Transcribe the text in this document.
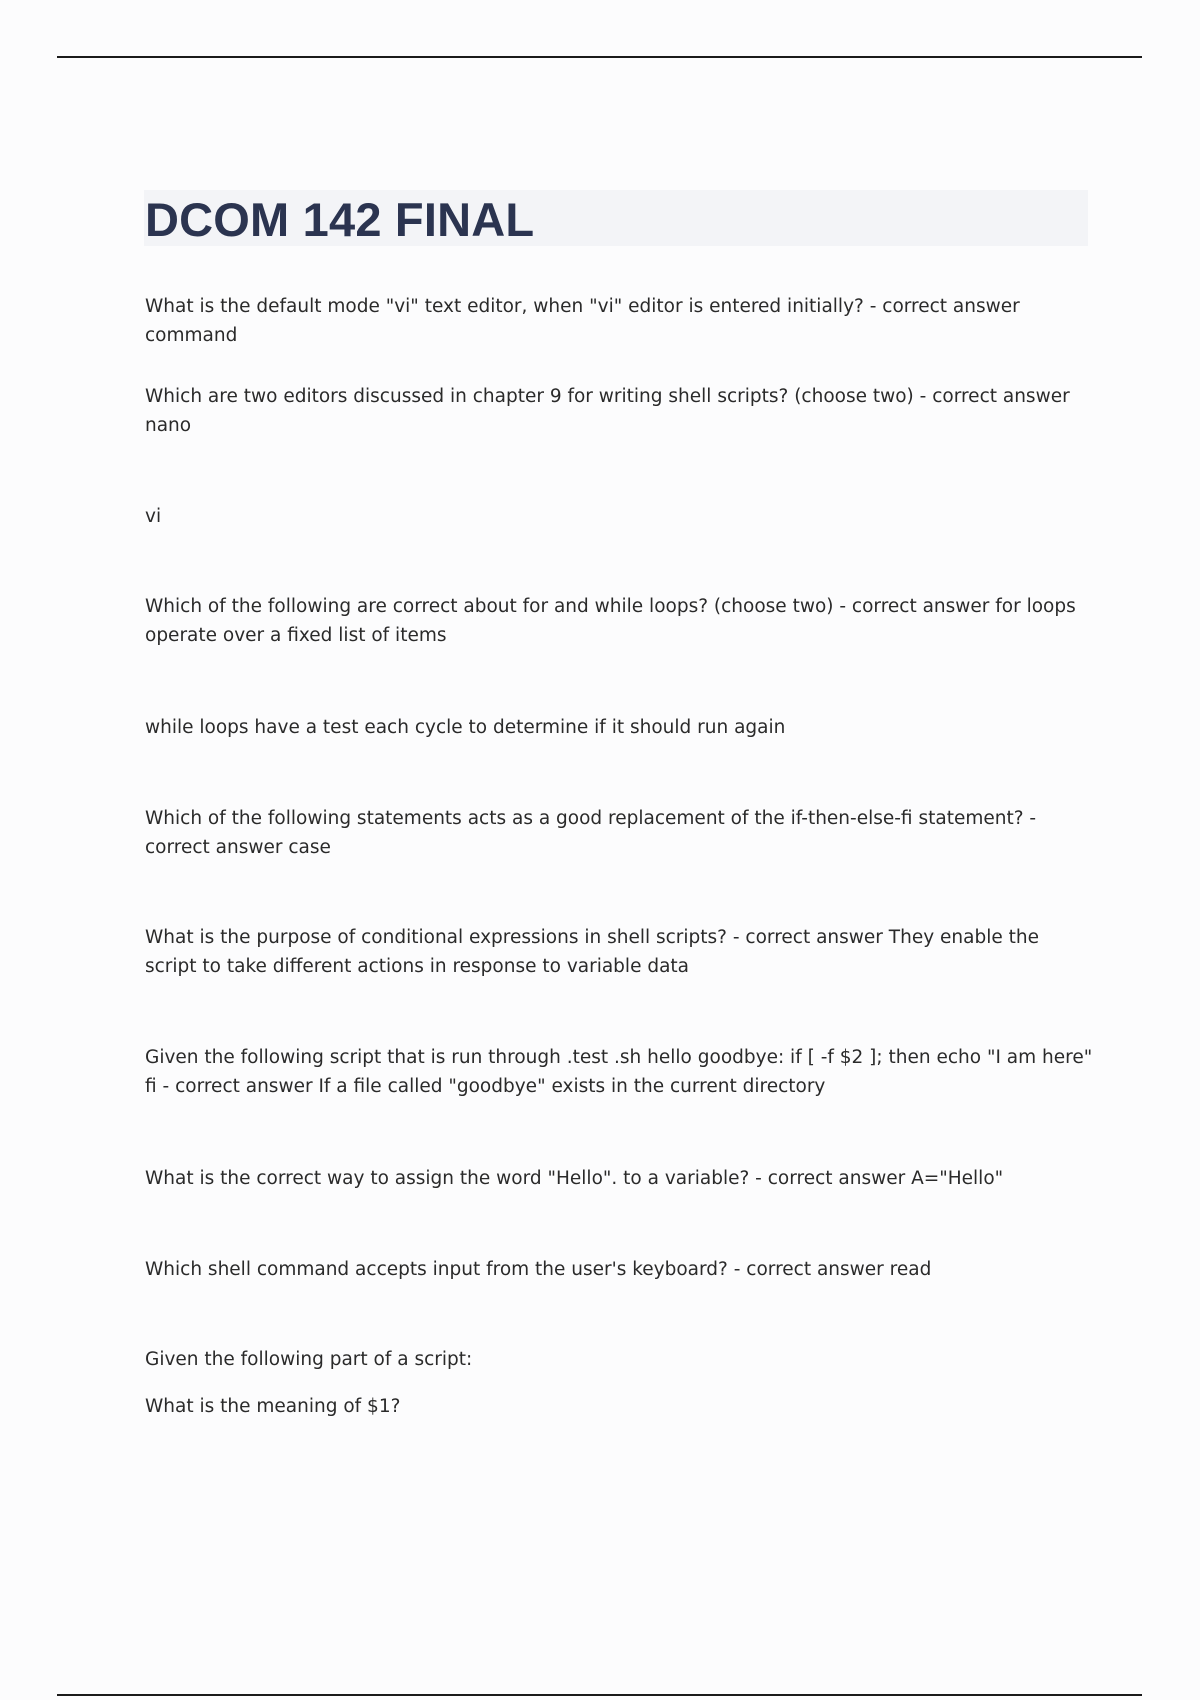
DCOM 142 FINAL

What is the default mode "vi" text editor, when "vi" editor is entered initially? - correct answer command

Which are two editors discussed in chapter 9 for writing shell scripts? (choose two) - correct answer nano

vi

Which of the following are correct about for and while loops? (choose two) - correct answer for loops operate over a fixed list of items

while loops have a test each cycle to determine if it should run again

Which of the following statements acts as a good replacement of the if-then-else-fi statement? - correct answer case

What is the purpose of conditional expressions in shell scripts? - correct answer They enable the script to take different actions in response to variable data

Given the following script that is run through .test .sh hello goodbye: if [ -f $2 ]; then echo "I am here" fi - correct answer If a file called "goodbye" exists in the current directory

What is the correct way to assign the word "Hello". to a variable? - correct answer A="Hello"

Which shell command accepts input from the user's keyboard? - correct answer read

Given the following part of a script:

What is the meaning of $1?
